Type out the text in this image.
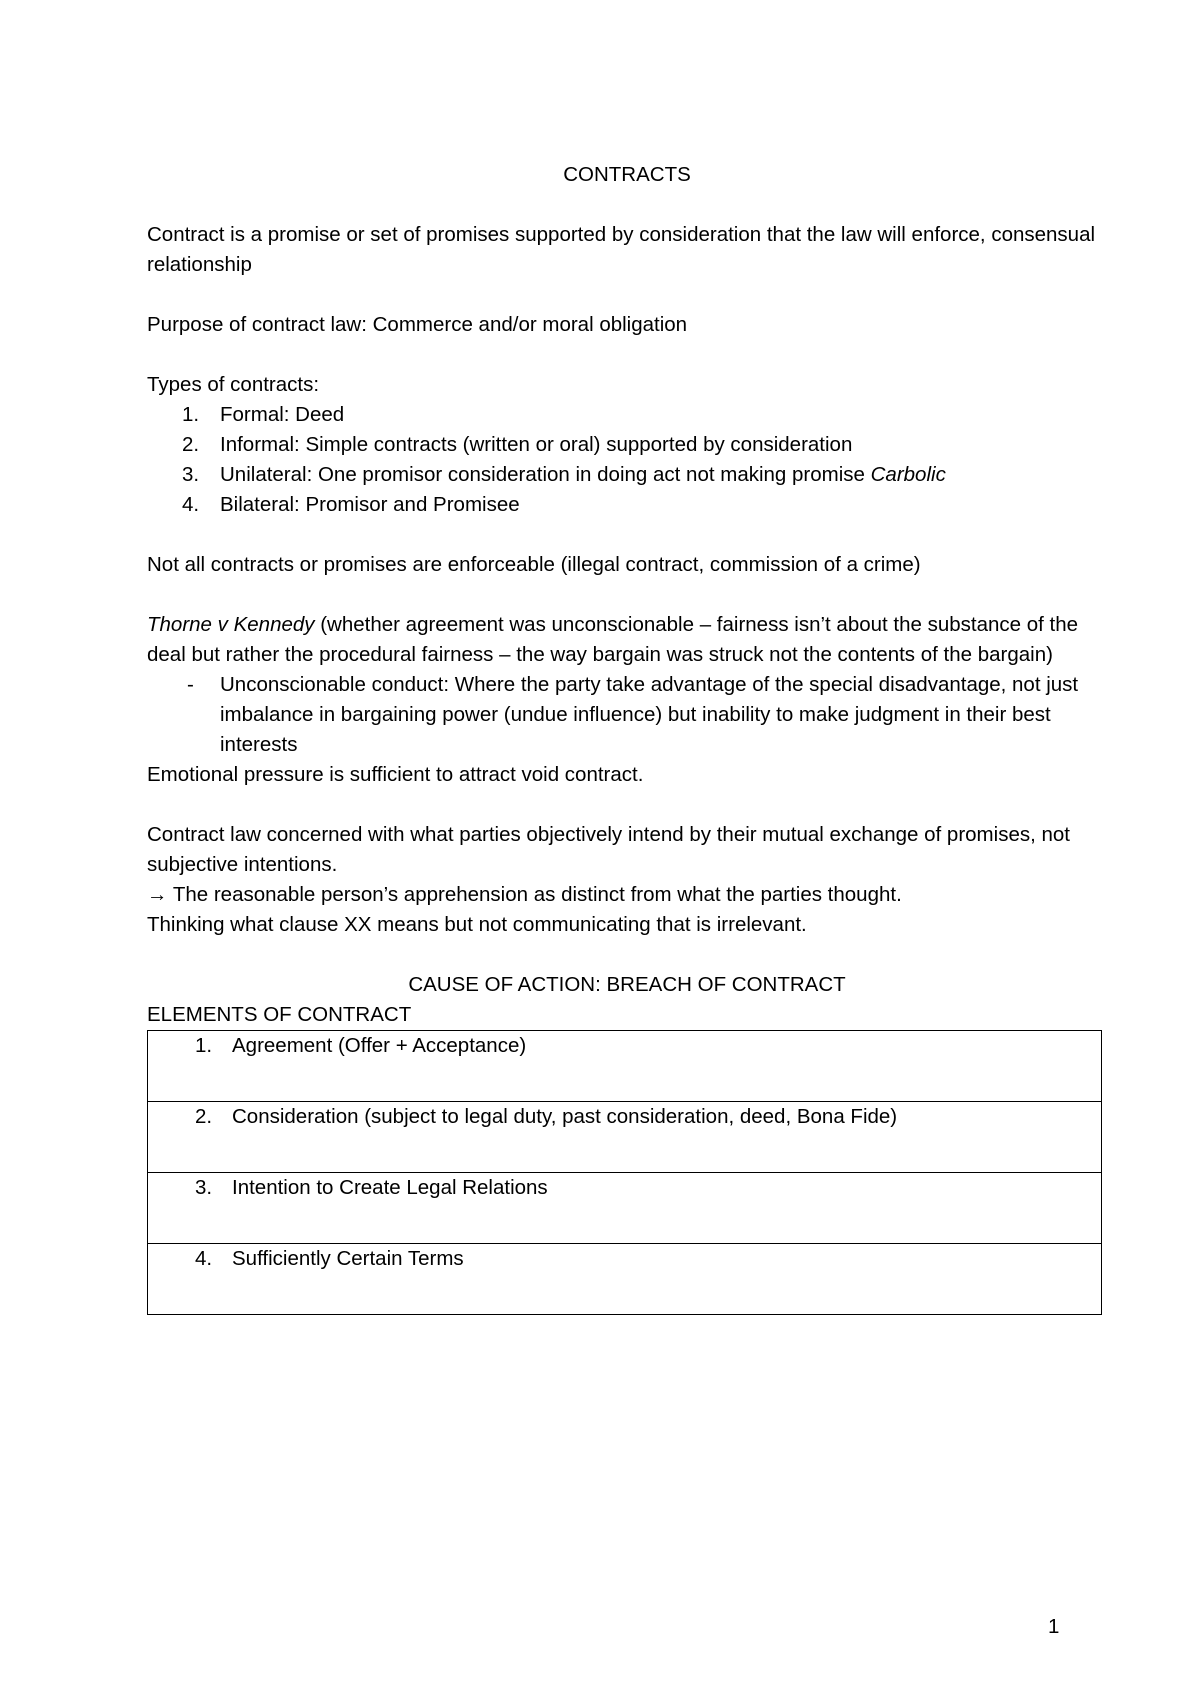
CONTRACTS

Contract is a promise or set of promises supported by consideration that the law will enforce, consensual relationship

Purpose of contract law: Commerce and/or moral obligation

Types of contracts:

1. Formal: Deed
2. Informal: Simple contracts (written or oral) supported by consideration
3. Unilateral: One promisor consideration in doing act not making promise Carbolic
4. Bilateral: Promisor and Promisee

Not all contracts or promises are enforceable (illegal contract, commission of a crime)

Thorne v Kennedy (whether agreement was unconscionable – fairness isn’t about the substance of the deal but rather the procedural fairness – the way bargain was struck not the contents of the bargain)

- Unconscionable conduct: Where the party take advantage of the special disadvantage, not just imbalance in bargaining power (undue influence) but inability to make judgment in their best interests

Emotional pressure is sufficient to attract void contract.

Contract law concerned with what parties objectively intend by their mutual exchange of promises, not subjective intentions.

→ The reasonable person’s apprehension as distinct from what the parties thought.

Thinking what clause XX means but not communicating that is irrelevant.

CAUSE OF ACTION: BREACH OF CONTRACT

ELEMENTS OF CONTRACT

1. Agreement (Offer + Acceptance)

2. Consideration (subject to legal duty, past consideration, deed, Bona Fide)

3. Intention to Create Legal Relations

4. Sufficiently Certain Terms
1
